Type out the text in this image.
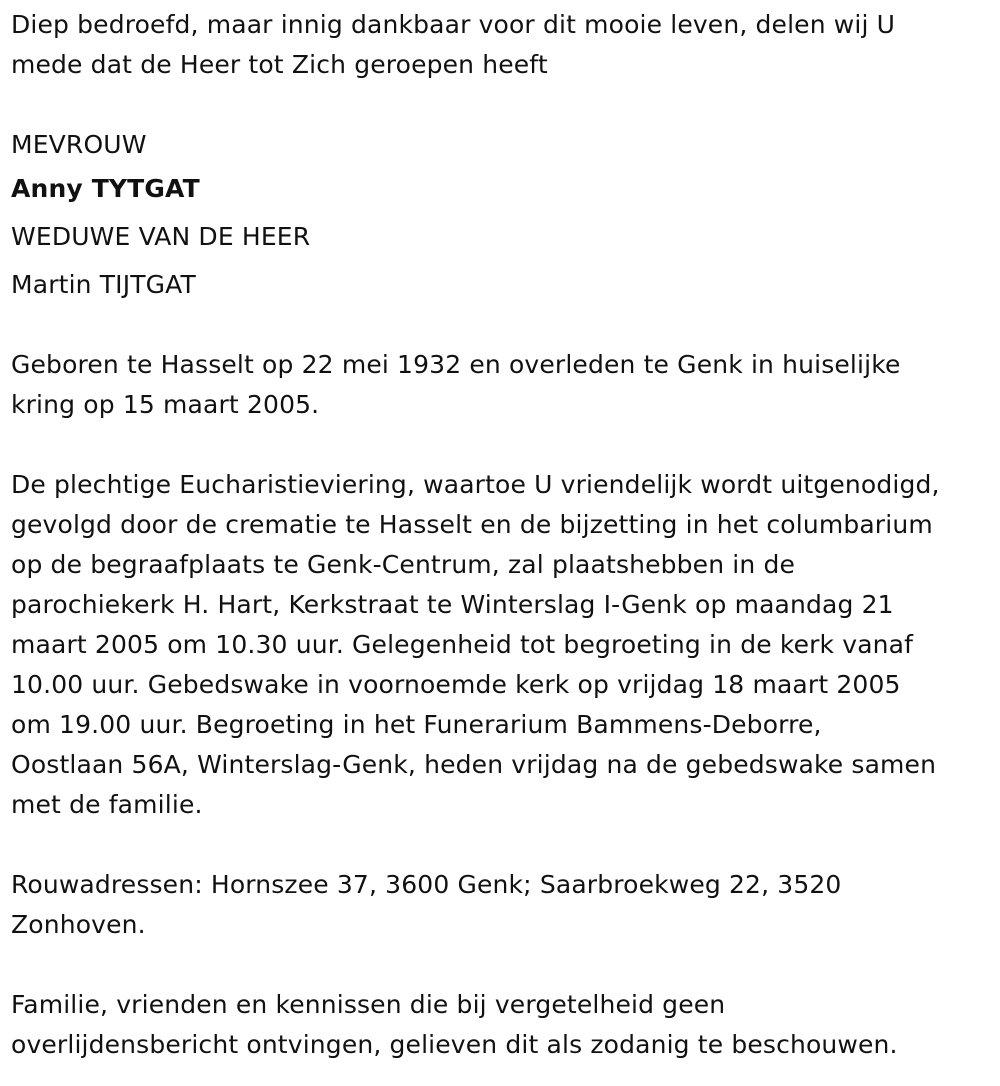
Diep bedroefd, maar innig dankbaar voor dit mooie leven, delen wij U
mede dat de Heer tot Zich geroepen heeft

MEVROUW
Anny TYTGAT
WEDUWE VAN DE HEER
Martin TIJTGAT

Geboren te Hasselt op 22 mei 1932 en overleden te Genk in huiselijke
kring op 15 maart 2005.

De plechtige Eucharistieviering, waartoe U vriendelijk wordt uitgenodigd,
gevolgd door de crematie te Hasselt en de bijzetting in het columbarium
op de begraafplaats te Genk-Centrum, zal plaatshebben in de
parochiekerk H. Hart, Kerkstraat te Winterslag I-Genk op maandag 21
maart 2005 om 10.30 uur. Gelegenheid tot begroeting in de kerk vanaf
10.00 uur. Gebedswake in voornoemde kerk op vrijdag 18 maart 2005
om 19.00 uur. Begroeting in het Funerarium Bammens-Deborre,
Oostlaan 56A, Winterslag-Genk, heden vrijdag na de gebedswake samen
met de familie.

Rouwadressen: Hornszee 37, 3600 Genk; Saarbroekweg 22, 3520
Zonhoven.

Familie, vrienden en kennissen die bij vergetelheid geen
overlijdensbericht ontvingen, gelieven dit als zodanig te beschouwen.
